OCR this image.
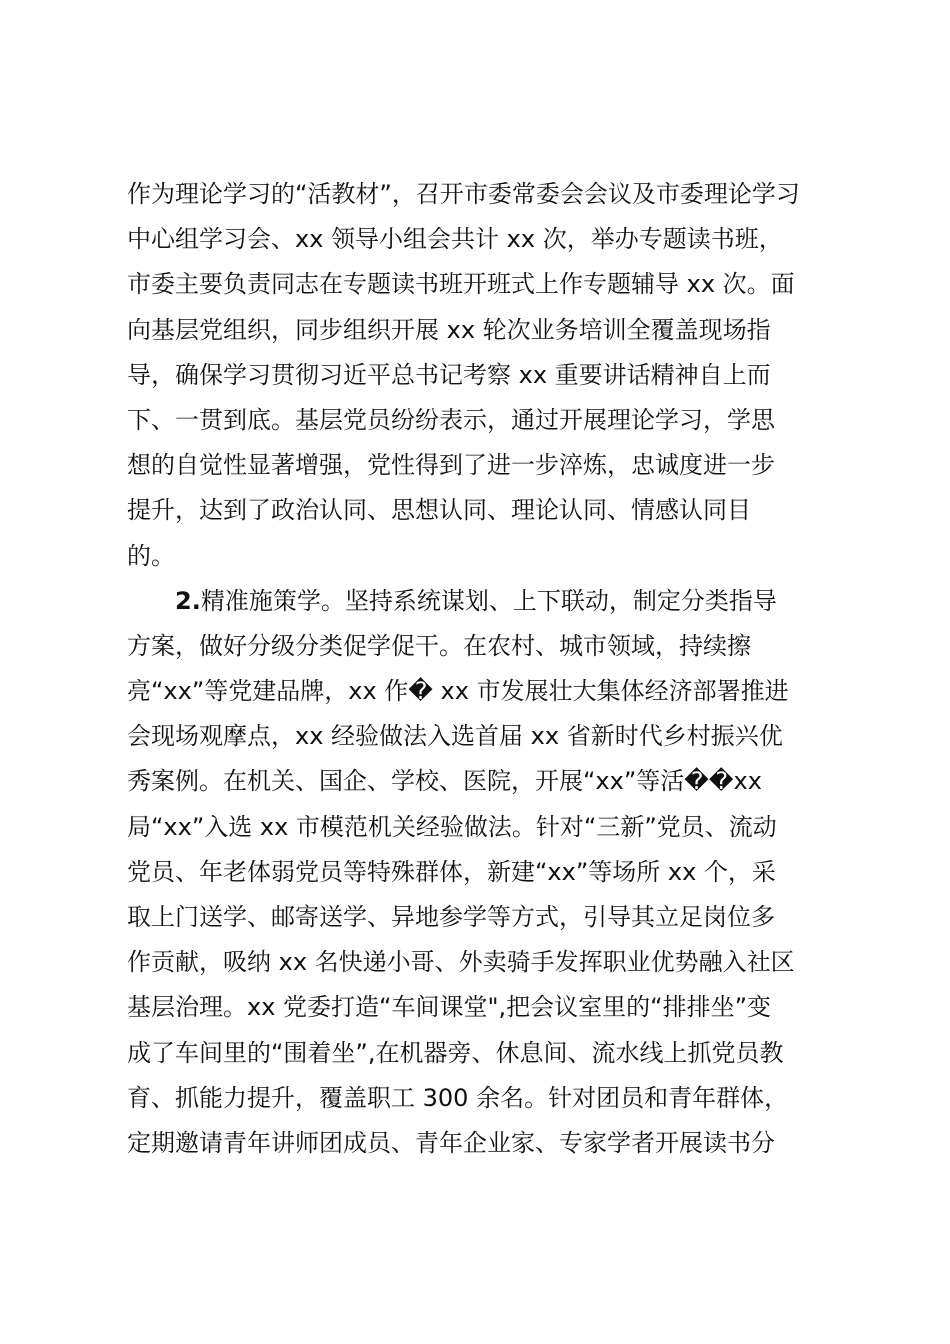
作为理论学习的“活教材”，召开市委常委会会议及市委理论学习
中心组学习会、xx 领导小组会共计 xx 次，举办专题读书班，
市委主要负责同志在专题读书班开班式上作专题辅导 xx 次。面
向基层党组织，同步组织开展 xx 轮次业务培训全覆盖现场指
导，确保学习贯彻习近平总书记考察 xx 重要讲话精神自上而
下、一贯到底。基层党员纷纷表示，通过开展理论学习，学思
想的自觉性显著增强，党性得到了进一步淬炼，忠诚度进一步
提升，达到了政治认同、思想认同、理论认同、情感认同目
的。
2.精准施策学。坚持系统谋划、上下联动，制定分类指导
方案，做好分级分类促学促干。在农村、城市领域，持续擦
亮“xx”等党建品牌，xx 作� xx 市发展壮大集体经济部署推进
会现场观摩点，xx 经验做法入选首届 xx 省新时代乡村振兴优
秀案例。在机关、国企、学校、医院，开展“xx”等活��xx
局“xx”入选 xx 市模范机关经验做法。针对“三新”党员、流动
党员、年老体弱党员等特殊群体，新建“xx”等场所 xx 个，采
取上门送学、邮寄送学、异地参学等方式，引导其立足岗位多
作贡献，吸纳 xx 名快递小哥、外卖骑手发挥职业优势融入社区
基层治理。xx 党委打造“车间课堂",把会议室里的“排排坐”变
成了车间里的“围着坐”,在机器旁、休息间、流水线上抓党员教
育、抓能力提升，覆盖职工 300 余名。针对团员和青年群体，
定期邀请青年讲师团成员、青年企业家、专家学者开展读书分
